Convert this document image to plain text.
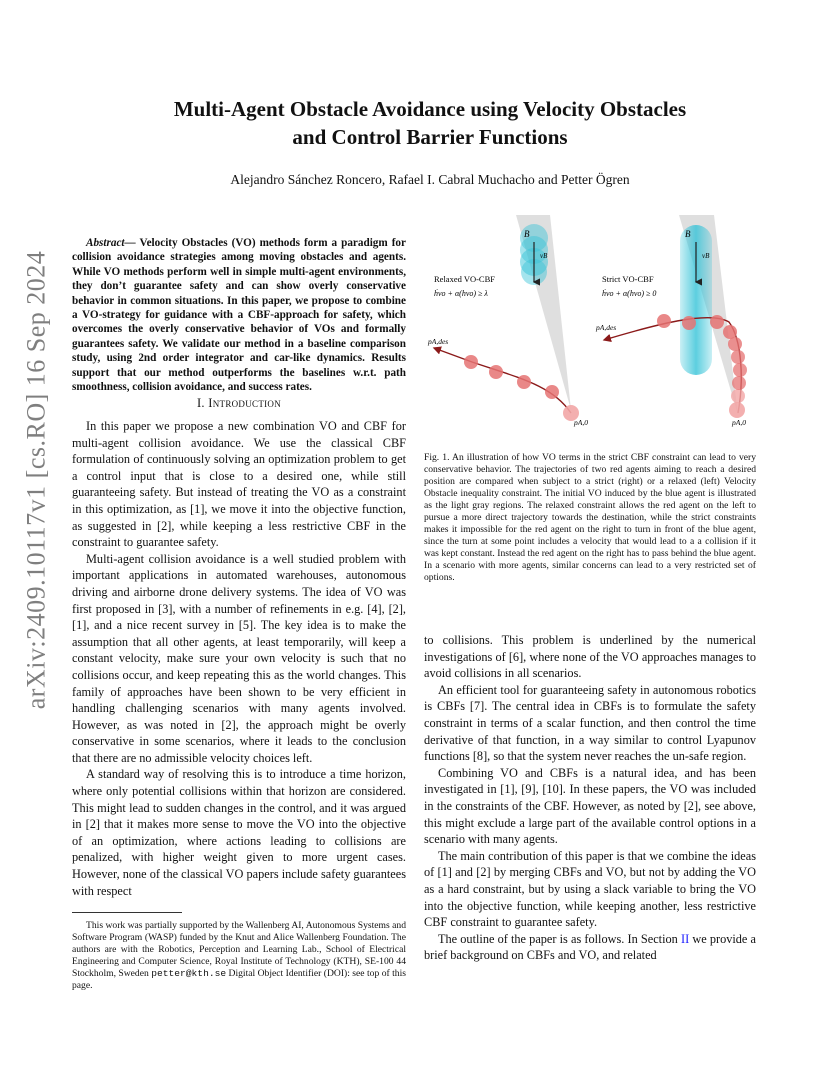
arXiv:2409.10117v1 [cs.RO] 16 Sep 2024
Multi-Agent Obstacle Avoidance using Velocity Obstacles
and Control Barrier Functions
Alejandro Sánchez Roncero, Rafael I. Cabral Muchacho and Petter Ögren

Abstract— Velocity Obstacles (VO) methods form a paradigm for collision avoidance strategies among moving obstacles and agents. While VO methods perform well in simple multi-agent environments, they don’t guarantee safety and can show overly conservative behavior in common situations. In this paper, we propose to combine a VO-strategy for guidance with a CBF-approach for safety, which overcomes the overly conservative behavior of VOs and formally guarantees safety. We validate our method in a baseline comparison study, using 2nd order integrator and car-like dynamics. Results support that our method outperforms the baselines w.r.t. path smoothness, collision avoidance, and success rates.

I. Introduction

In this paper we propose a new combination VO and CBF for multi-agent collision avoidance. We use the classical CBF formulation of continuously solving an optimization problem to get a control input that is close to a desired one, while still guaranteeing safety. But instead of treating the VO as a constraint in this optimization, as [1], we move it into the objective function, as suggested in [2], while keeping a less restrictive CBF in the constraint to guarantee safety.

Multi-agent collision avoidance is a well studied problem with important applications in automated warehouses, autonomous driving and airborne drone delivery systems. The idea of VO was first proposed in [3], with a number of refinements in e.g. [4], [2], [1], and a nice recent survey in [5]. The key idea is to make the assumption that all other agents, at least temporarily, will keep a constant velocity, make sure your own velocity is such that no collisions occur, and keep repeating this as the world changes. This family of approaches have been shown to be very efficient in handling challenging scenarios with many agents involved. However, as was noted in [2], the approach might be overly conservative in some scenarios, where it leads to the conclusion that there are no admissible velocity choices left.

A standard way of resolving this is to introduce a time horizon, where only potential collisions within that horizon are considered. This might lead to sudden changes in the control, and it was argued in [2] that it makes more sense to move the VO into the objective of an optimization, where actions leading to collisions are penalized, with higher weight given to more urgent cases. However, none of the classical VO papers include safety guarantees with respect

This work was partially supported by the Wallenberg AI, Autonomous Systems and Software Program (WASP) funded by the Knut and Alice Wallenberg Foundation. The authors are with the Robotics, Perception and Learning Lab., School of Electrical Engineering and Computer Science, Royal Institute of Technology (KTH), SE-100 44 Stockholm, Sweden petter@kth.se Digital Object Identifier (DOI): see top of this page.

B
vB
Relaxed VO-CBF
ḣvo + α(hvo) ≥ λ
pA,des
pA,0
B
vB
Strict VO-CBF
ḣvo + α(hvo) ≥ 0
pA,des
pA,0

Fig. 1. An illustration of how VO terms in the strict CBF constraint can lead to very conservative behavior. The trajectories of two red agents aiming to reach a desired position are compared when subject to a strict (right) or a relaxed (left) Velocity Obstacle inequality constraint. The initial VO induced by the blue agent is illustrated as the light gray regions. The relaxed constraint allows the red agent on the left to pursue a more direct trajectory towards the destination, while the strict constraints makes it impossible for the red agent on the right to turn in front of the blue agent, since the turn at some point includes a velocity that would lead to a a collision if it was kept constant. Instead the red agent on the right has to pass behind the blue agent. In a scenario with more agents, similar concerns can lead to a very restricted set of options.

to collisions. This problem is underlined by the numerical investigations of [6], where none of the VO approaches manages to avoid collisions in all scenarios.

An efficient tool for guaranteeing safety in autonomous robotics is CBFs [7]. The central idea in CBFs is to formulate the safety constraint in terms of a scalar function, and then control the time derivative of that function, in a way similar to control Lyapunov functions [8], so that the system never reaches the un-safe region.

Combining VO and CBFs is a natural idea, and has been investigated in [1], [9], [10]. In these papers, the VO was included in the constraints of the CBF. However, as noted by [2], see above, this might exclude a large part of the available control options in a scenario with many agents.

The main contribution of this paper is that we combine the ideas of [1] and [2] by merging CBFs and VO, but not by adding the VO as a hard constraint, but by using a slack variable to bring the VO into the objective function, while keeping another, less restrictive CBF constraint to guarantee safety.

The outline of the paper is as follows. In Section II we provide a brief background on CBFs and VO, and related
